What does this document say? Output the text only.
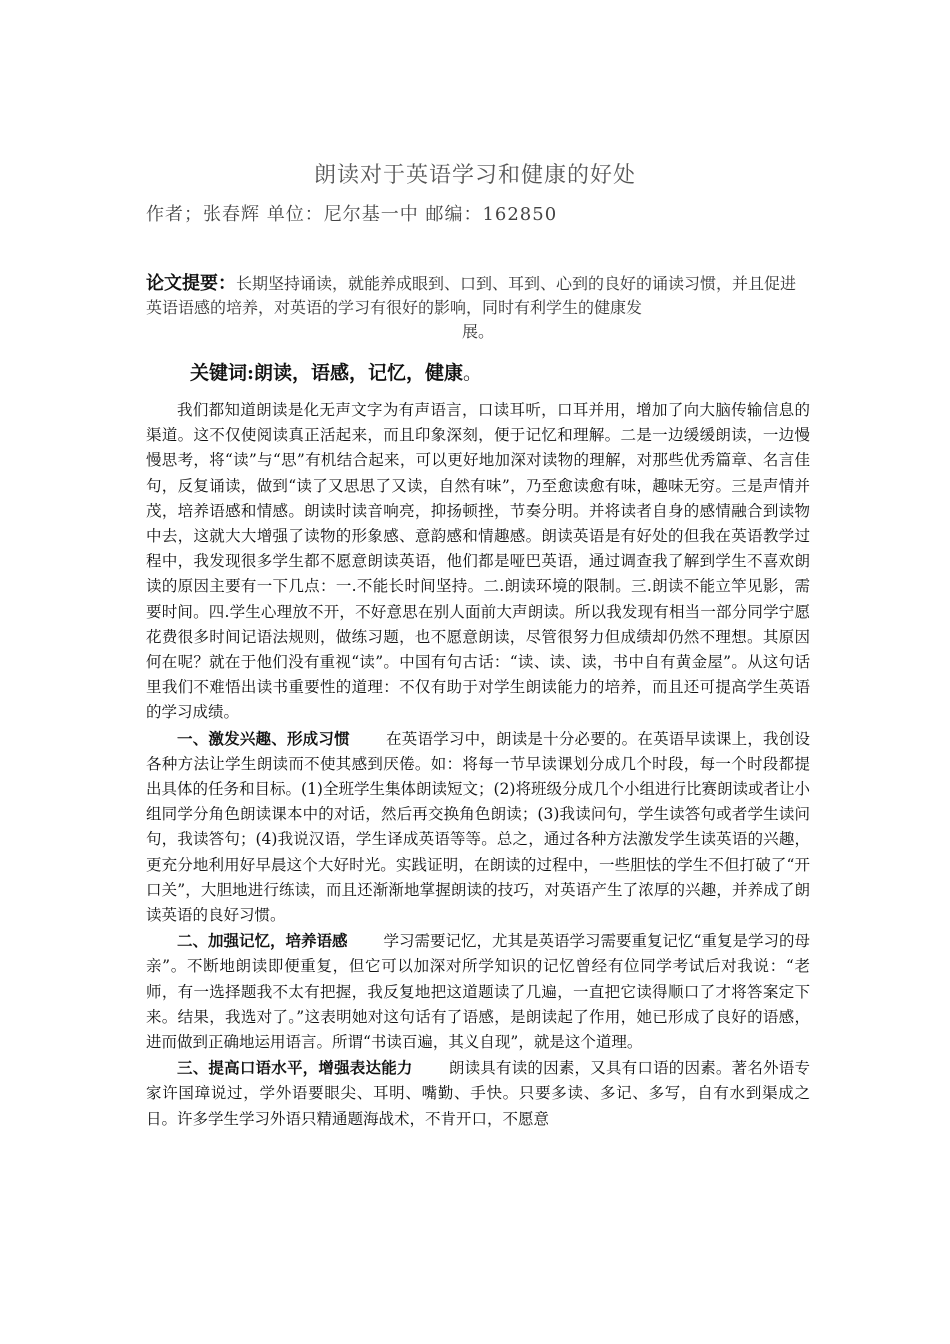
朗读对于英语学习和健康的好处
作者；张春辉 单位：尼尔基一中 邮编：162850
论文提要：长期坚持诵读，就能养成眼到、口到、耳到、心到的良好的诵读习惯，并且促进英语语感的培养，对英语的学习有很好的影响，同时有利学生的健康发
展。
关键词:朗读，语感，记忆，健康。

我们都知道朗读是化无声文字为有声语言，口读耳听，口耳并用，增加了向大脑传输信息的渠道。这不仅使阅读真正活起来，而且印象深刻，便于记忆和理解。二是一边缓缓朗读，一边慢慢思考，将“读”与“思”有机结合起来，可以更好地加深对读物的理解，对那些优秀篇章、名言佳句，反复诵读，做到“读了又思思了又读，自然有味”，乃至愈读愈有味，趣味无穷。三是声情并茂，培养语感和情感。朗读时读音响亮，抑扬顿挫，节奏分明。并将读者自身的感情融合到读物中去，这就大大增强了读物的形象感、意韵感和情趣感。朗读英语是有好处的但我在英语教学过程中，我发现很多学生都不愿意朗读英语，他们都是哑巴英语，通过调查我了解到学生不喜欢朗读的原因主要有一下几点：一.不能长时间坚持。二.朗读环境的限制。三.朗读不能立竿见影，需要时间。四.学生心理放不开，不好意思在别人面前大声朗读。所以我发现有相当一部分同学宁愿花费很多时间记语法规则，做练习题，也不愿意朗读，尽管很努力但成绩却仍然不理想。其原因何在呢？就在于他们没有重视“读”。中国有句古话：“读、读、读，书中自有黄金屋”。从这句话里我们不难悟出读书重要性的道理：不仅有助于对学生朗读能力的培养，而且还可提高学生英语的学习成绩。

一、激发兴趣、形成习惯 在英语学习中，朗读是十分必要的。在英语早读课上，我创设各种方法让学生朗读而不使其感到厌倦。如：将每一节早读课划分成几个时段，每一个时段都提出具体的任务和目标。(1)全班学生集体朗读短文；(2)将班级分成几个小组进行比赛朗读或者让小组同学分角色朗读课本中的对话，然后再交换角色朗读；(3)我读问句，学生读答句或者学生读问句，我读答句；(4)我说汉语，学生译成英语等等。总之，通过各种方法激发学生读英语的兴趣，更充分地利用好早晨这个大好时光。实践证明，在朗读的过程中，一些胆怯的学生不但打破了“开口关”，大胆地进行练读，而且还渐渐地掌握朗读的技巧，对英语产生了浓厚的兴趣，并养成了朗读英语的良好习惯。

二、加强记忆，培养语感 学习需要记忆，尤其是英语学习需要重复记忆“重复是学习的母亲”。不断地朗读即便重复，但它可以加深对所学知识的记忆曾经有位同学考试后对我说：“老师，有一选择题我不太有把握，我反复地把这道题读了几遍，一直把它读得顺口了才将答案定下来。结果，我选对了。”这表明她对这句话有了语感，是朗读起了作用，她已形成了良好的语感，进而做到正确地运用语言。所谓“书读百遍，其义自现”，就是这个道理。

三、提高口语水平，增强表达能力 朗读具有读的因素，又具有口语的因素。著名外语专家许国璋说过，学外语要眼尖、耳明、嘴勤、手快。只要多读、多记、多写，自有水到渠成之日。许多学生学习外语只精通题海战术，不肯开口，不愿意
